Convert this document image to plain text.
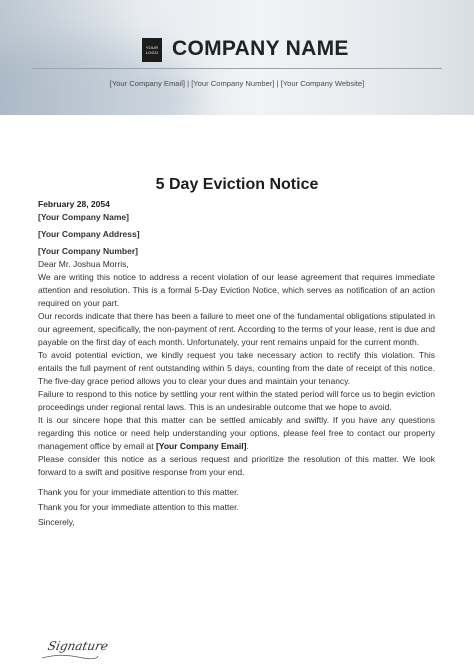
YOUR
LOGO COMPANY NAME
[Your Company Email] | [Your Company Number] | [Your Company Website]
5 Day Eviction Notice

February 28, 2054

[Your Company Name]

[Your Company Address]

[Your Company Number]

Dear Mr. Joshua Morris,

We are writing this notice to address a recent violation of our lease agreement that requires immediate attention and resolution. This is a formal 5-Day Eviction Notice, which serves as notification of an action required on your part.

Our records indicate that there has been a failure to meet one of the fundamental obligations stipulated in our agreement, specifically, the non-payment of rent. According to the terms of your lease, rent is due and payable on the first day of each month. Unfortunately, your rent remains unpaid for the current month.

To avoid potential eviction, we kindly request you take necessary action to rectify this violation. This entails the full payment of rent outstanding within 5 days, counting from the date of receipt of this notice. The five-day grace period allows you to clear your dues and maintain your tenancy.

Failure to respond to this notice by settling your rent within the stated period will force us to begin eviction proceedings under regional rental laws. This is an undesirable outcome that we hope to avoid.

It is our sincere hope that this matter can be settled amicably and swiftly. If you have any questions regarding this notice or need help understanding your options, please feel free to contact our property management office by email at [Your Company Email].

Please consider this notice as a serious request and prioritize the resolution of this matter. We look forward to a swift and positive response from your end.

Thank you for your immediate attention to this matter.

Thank you for your immediate attention to this matter.

Sincerely,

Signature
